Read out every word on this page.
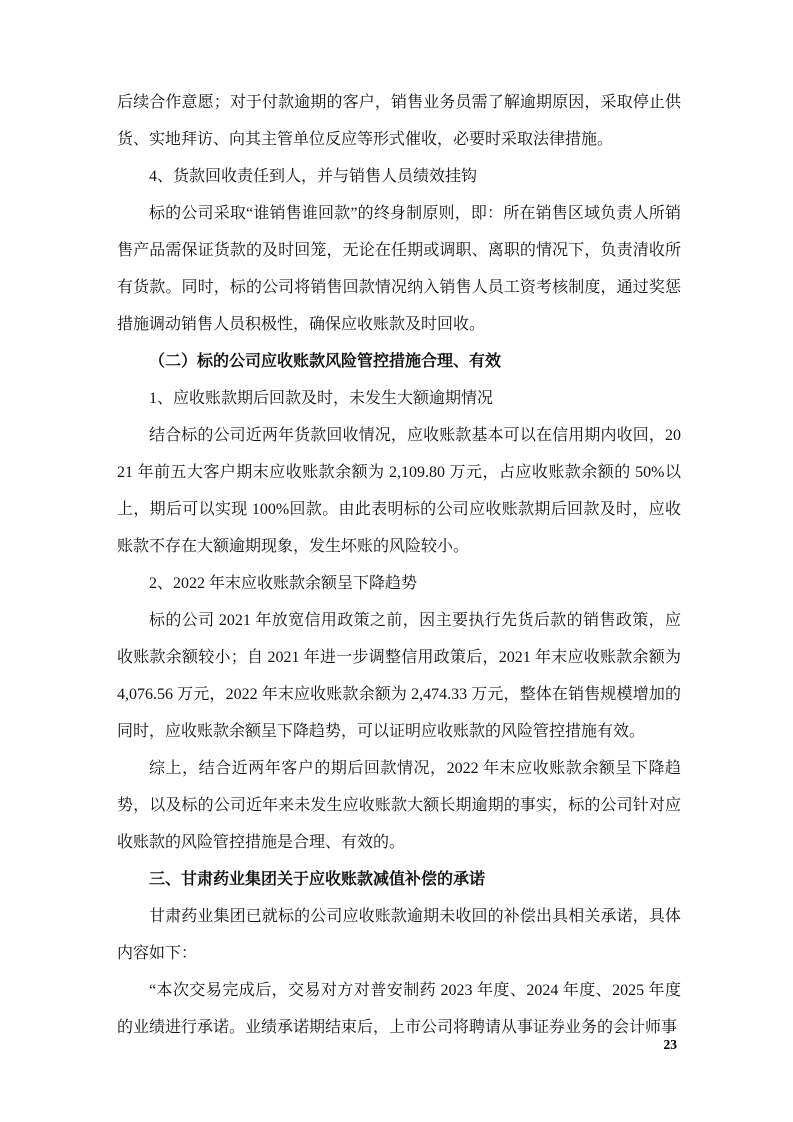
后续合作意愿；对于付款逾期的客户，销售业务员需了解逾期原因，采取停止供货、实地拜访、向其主管单位反应等形式催收，必要时采取法律措施。

4、货款回收责任到人，并与销售人员绩效挂钩

标的公司采取“谁销售谁回款”的终身制原则，即：所在销售区域负责人所销售产品需保证货款的及时回笼，无论在任期或调职、离职的情况下，负责清收所有货款。同时，标的公司将销售回款情况纳入销售人员工资考核制度，通过奖惩措施调动销售人员积极性，确保应收账款及时回收。

（二）标的公司应收账款风险管控措施合理、有效

1、应收账款期后回款及时，未发生大额逾期情况

结合标的公司近两年货款回收情况，应收账款基本可以在信用期内收回，2021 年前五大客户期末应收账款余额为 2,109.80 万元，占应收账款余额的 50%以上，期后可以实现 100%回款。由此表明标的公司应收账款期后回款及时，应收账款不存在大额逾期现象，发生坏账的风险较小。

2、2022 年末应收账款余额呈下降趋势

标的公司 2021 年放宽信用政策之前，因主要执行先货后款的销售政策，应收账款余额较小；自 2021 年进一步调整信用政策后，2021 年末应收账款余额为 4,076.56 万元，2022 年末应收账款余额为 2,474.33 万元，整体在销售规模增加的同时，应收账款余额呈下降趋势，可以证明应收账款的风险管控措施有效。

综上，结合近两年客户的期后回款情况，2022 年末应收账款余额呈下降趋势，以及标的公司近年来未发生应收账款大额长期逾期的事实，标的公司针对应收账款的风险管控措施是合理、有效的。

三、甘肃药业集团关于应收账款减值补偿的承诺

甘肃药业集团已就标的公司应收账款逾期未收回的补偿出具相关承诺，具体内容如下：

“本次交易完成后，交易对方对普安制药 2023 年度、2024 年度、2025 年度的业绩进行承诺。业绩承诺期结束后，上市公司将聘请从事证券业务的会计师事

23
